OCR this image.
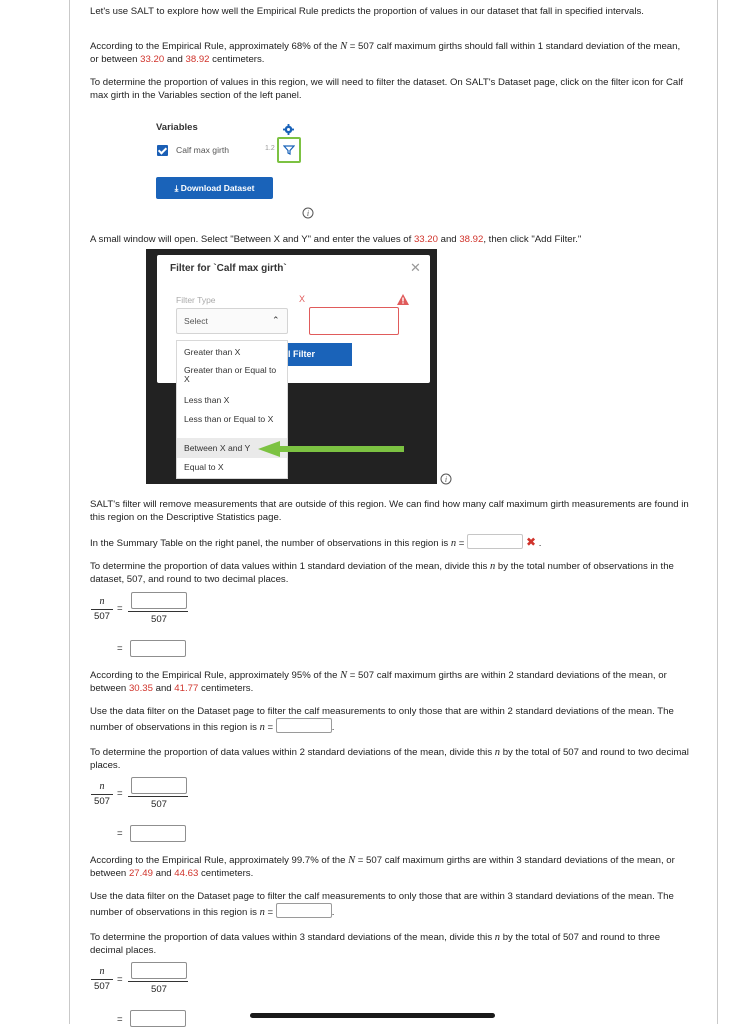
Let's use SALT to explore how well the Empirical Rule predicts the proportion of values in our dataset that fall in specified intervals.

According to the Empirical Rule, approximately 68% of the N = 507 calf maximum girths should fall within 1 standard deviation of the mean, or between 33.20 and 38.92 centimeters.

To determine the proportion of values in this region, we will need to filter the dataset. On SALT's Dataset page, click on the filter icon for Calf max girth in the Variables section of the left panel.

Variables
Calf max girth	1.2
⤓ Download Dataset
i

A small window will open. Select "Between X and Y" and enter the values of 33.20 and 38.92, then click "Add Filter."

Filter for `Calf max girth`	✕
Filter Type	X
Select	⌃
l Filter
Greater than X
Greater than or Equal to X
Less than X
Less than or Equal to X
Between X and Y
Equal to X
i

SALT's filter will remove measurements that are outside of this region. We can find how many calf maximum girth measurements are found in this region on the Descriptive Statistics page.

In the Summary Table on the right panel, the number of observations in this region is n =	✖ .

To determine the proportion of data values within 1 standard deviation of the mean, divide this n by the total number of observations in the dataset, 507, and round to two decimal places.

n
507
=
507
=

According to the Empirical Rule, approximately 95% of the N = 507 calf maximum girths are within 2 standard deviations of the mean, or between 30.35 and 41.77 centimeters.

Use the data filter on the Dataset page to filter the calf measurements to only those that are within 2 standard deviations of the mean. The number of observations in this region is n =	.

To determine the proportion of data values within 2 standard deviations of the mean, divide this n by the total of 507 and round to two decimal places.

n
507
=
507
=

According to the Empirical Rule, approximately 99.7% of the N = 507 calf maximum girths are within 3 standard deviations of the mean, or between 27.49 and 44.63 centimeters.

Use the data filter on the Dataset page to filter the calf measurements to only those that are within 3 standard deviations of the mean. The number of observations in this region is n =	.

To determine the proportion of data values within 3 standard deviations of the mean, divide this n by the total of 507 and round to three decimal places.

n
507
=
507
=
